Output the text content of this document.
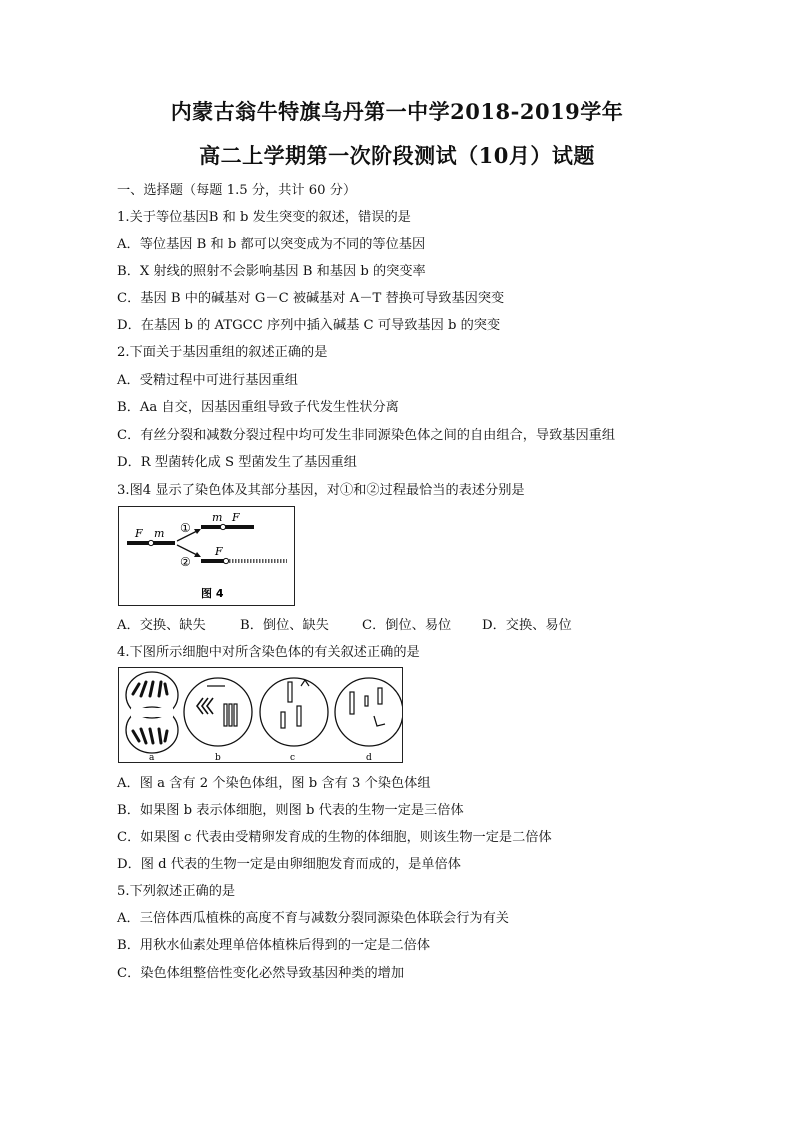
内蒙古翁牛特旗乌丹第一中学2018-2019学年
高二上学期第一次阶段测试（10月）试题
一、选择题（每题 1.5 分，共计 60 分）
1.关于等位基因B 和 b 发生突变的叙述，错误的是
A．等位基因 B 和 b 都可以突变成为不同的等位基因
B．X 射线的照射不会影响基因 B 和基因 b 的突变率
C．基因 B 中的碱基对 G－C 被碱基对 A－T 替换可导致基因突变
D．在基因 b 的 ATGCC 序列中插入碱基 C 可导致基因 b 的突变
2.下面关于基因重组的叙述正确的是
A．受精过程中可进行基因重组
B．Aa 自交，因基因重组导致子代发生性状分离
C．有丝分裂和减数分裂过程中均可发生非同源染色体之间的自由组合，导致基因重组
D．R 型菌转化成 S 型菌发生了基因重组
3.图4 显示了染色体及其部分基因，对①和②过程最恰当的表述分别是
F m ①
②
m F
F
图 4
A．交换、缺失	B．倒位、缺失	C．倒位、易位 D．交换、易位
4.下图所示细胞中对所含染色体的有关叙述正确的是
a	b	c	d
A．图 a 含有 2 个染色体组，图 b 含有 3 个染色体组
B．如果图 b 表示体细胞，则图 b 代表的生物一定是三倍体
C．如果图 c 代表由受精卵发育成的生物的体细胞，则该生物一定是二倍体
D．图 d 代表的生物一定是由卵细胞发育而成的，是单倍体
5.下列叙述正确的是
A．三倍体西瓜植株的高度不育与减数分裂同源染色体联会行为有关
B．用秋水仙素处理单倍体植株后得到的一定是二倍体
C．染色体组整倍性变化必然导致基因种类的增加
